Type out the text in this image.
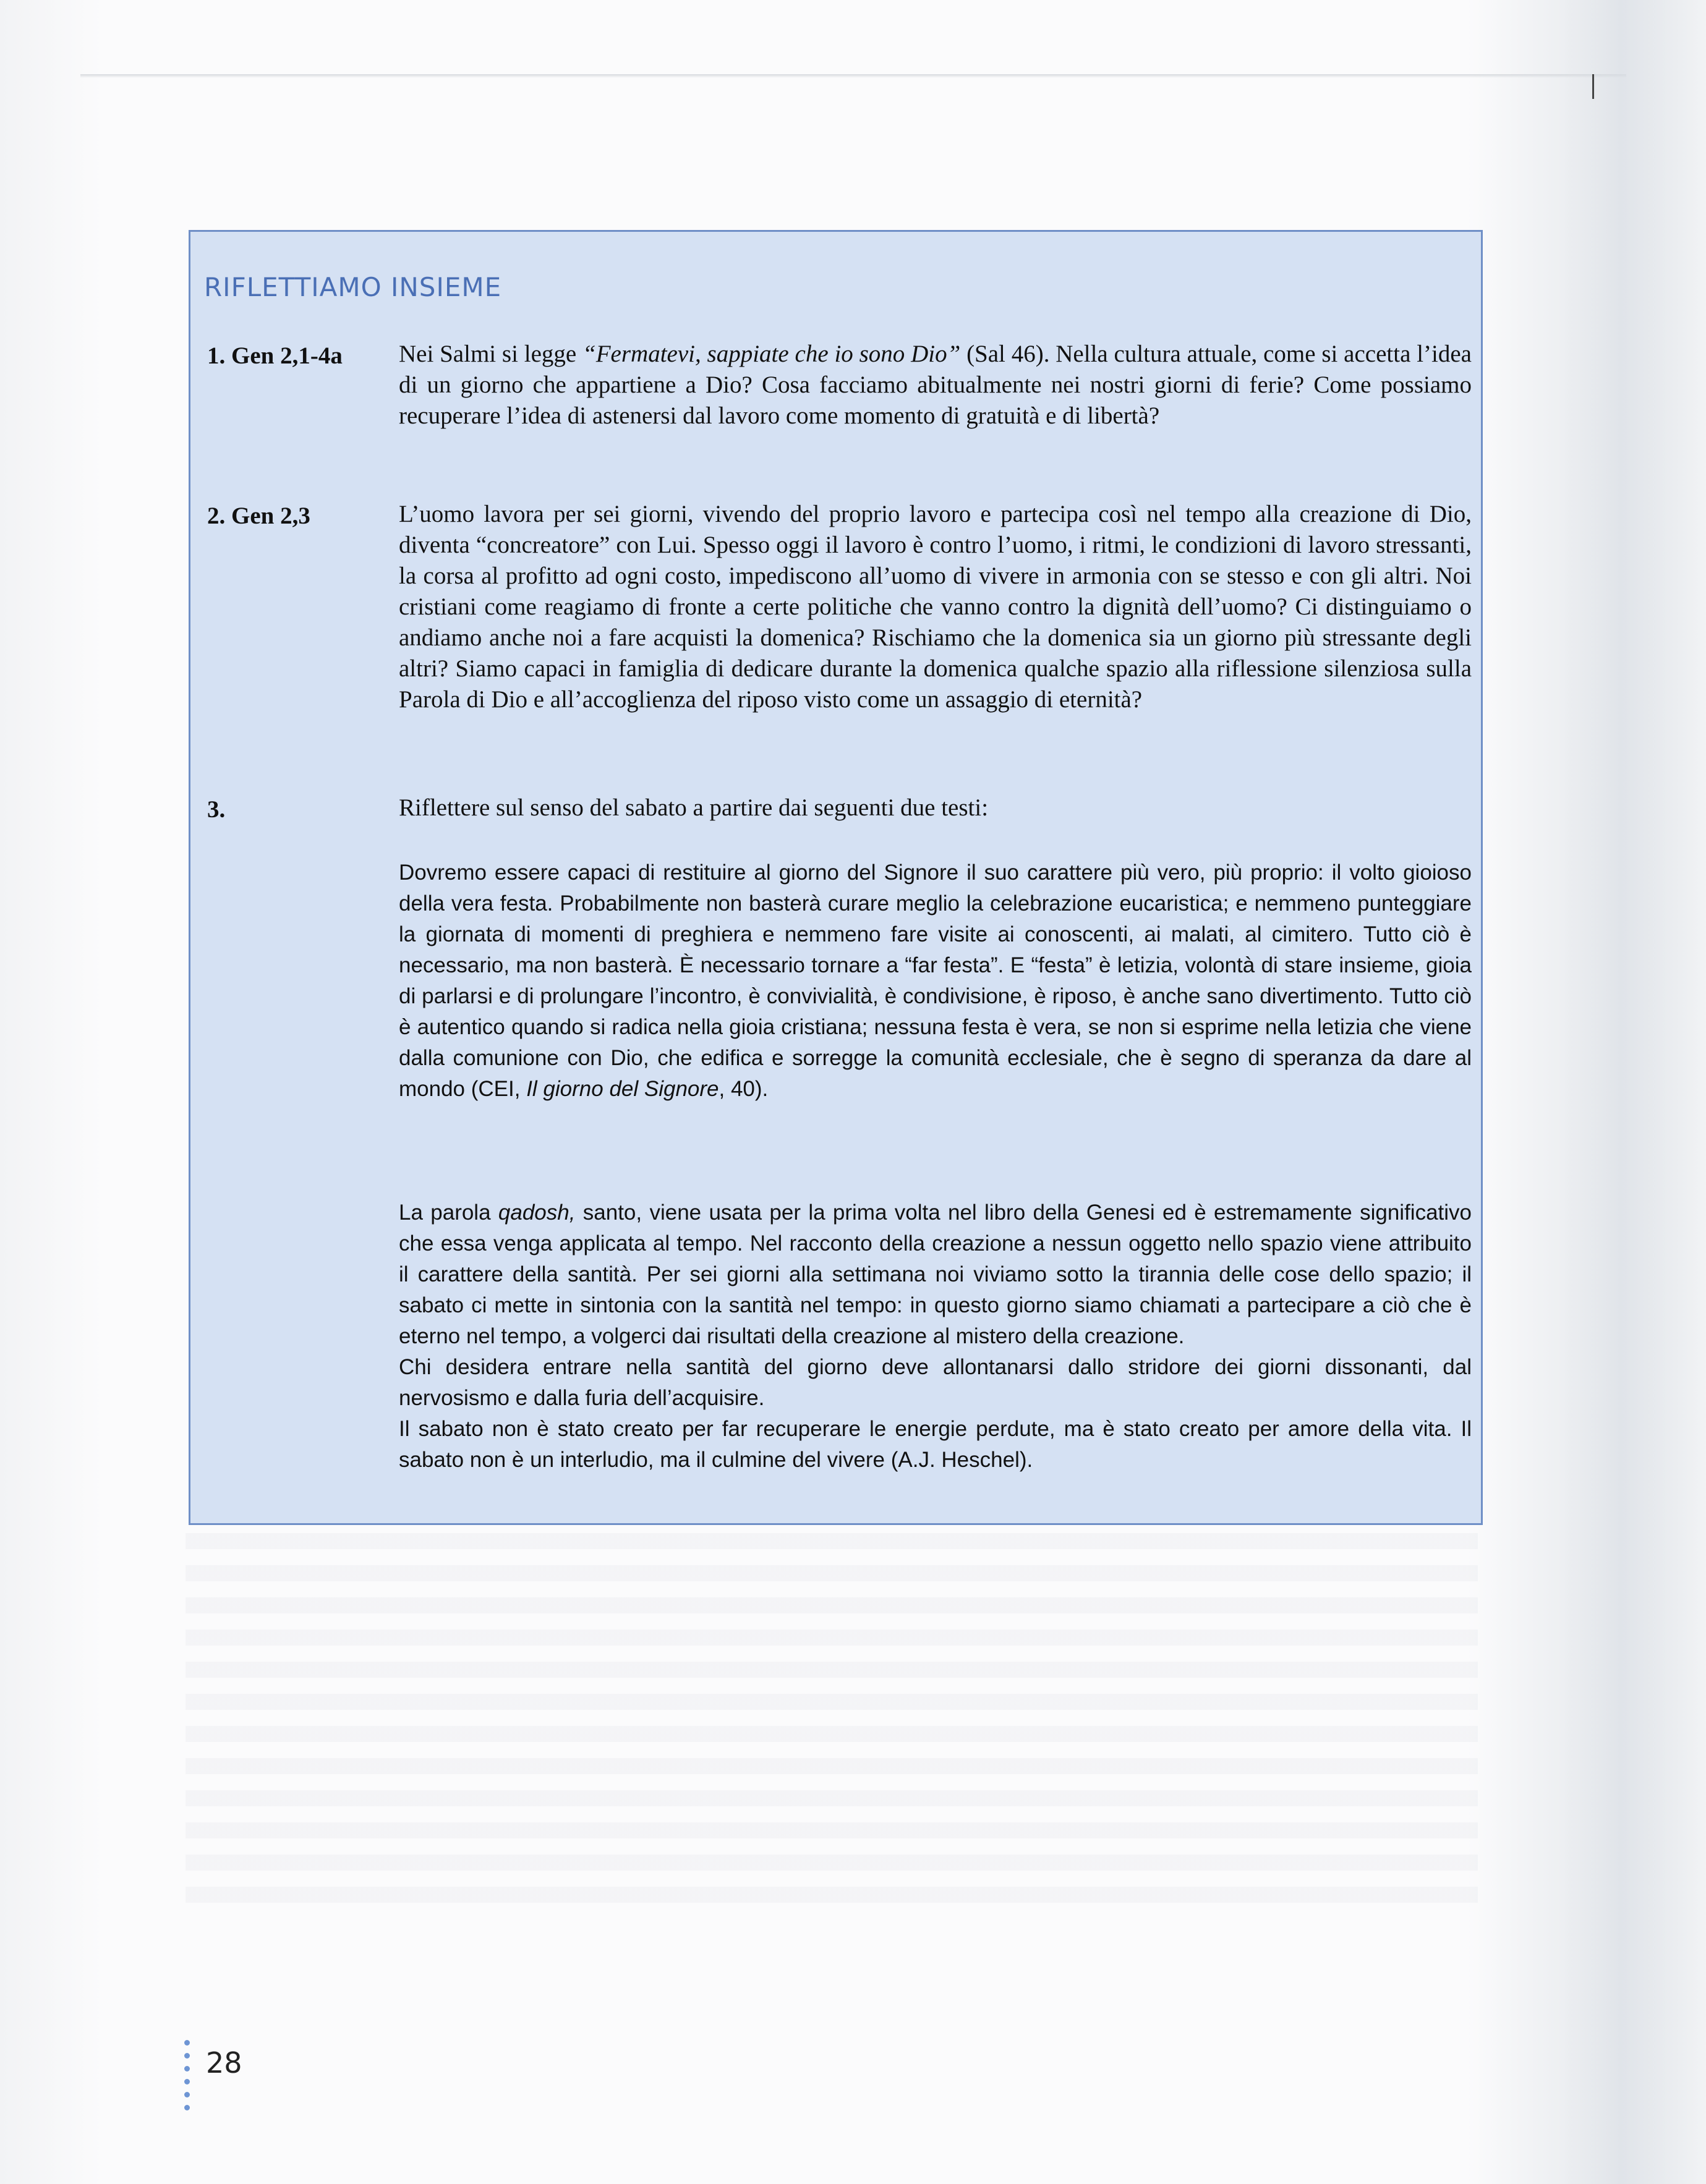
RIFLETTIAMO INSIEME
1. Gen 2,1-4a Nei Salmi si legge “Fermatevi, sappiate che io sono Dio” (Sal 46). Nella cultura attuale, come si accetta l’idea di un giorno che appartiene a Dio? Cosa facciamo abitualmente nei nostri giorni di ferie? Come possiamo recuperare l’idea di astenersi dal lavoro come momento di gratuità e di libertà?
2. Gen 2,3	L’uomo lavora per sei giorni, vivendo del proprio lavoro e partecipa così nel tempo alla creazione di Dio, diventa “concreatore” con Lui. Spesso oggi il lavoro è contro l’uomo, i ritmi, le condizioni di lavoro stressanti, la corsa al profitto ad ogni costo, impediscono all’uomo di vivere in armonia con se stesso e con gli altri. Noi cristiani come reagiamo di fronte a certe politiche che vanno contro la dignità dell’uomo? Ci distinguiamo o andiamo anche noi a fare acquisti la domenica? Rischiamo che la domenica sia un giorno più stressante degli altri? Siamo capaci in famiglia di dedicare durante la domenica qualche spazio alla riflessione silenziosa sulla Parola di Dio e all’accoglienza del riposo visto come un assaggio di eternità?
3.	Riflettere sul senso del sabato a partire dai seguenti due testi:
Dovremo essere capaci di restituire al giorno del Signore il suo carattere più vero, più proprio: il volto gioioso della vera festa. Probabilmente non basterà curare meglio la celebrazione eucaristica; e nemmeno punteggiare la giornata di momenti di preghiera e nemmeno fare visite ai conoscenti, ai malati, al cimitero. Tutto ciò è necessario, ma non basterà. È necessario tornare a “far festa”. E “festa” è letizia, volontà di stare insieme, gioia di parlarsi e di prolungare l’incontro, è convivialità, è condivisione, è riposo, è anche sano divertimento. Tutto ciò è autentico quando si radica nella gioia cristiana; nessuna festa è vera, se non si esprime nella letizia che viene dalla comunione con Dio, che edifica e sorregge la comunità ecclesiale, che è segno di speranza da dare al mondo (CEI, Il giorno del Signore, 40).
La parola qadosh, santo, viene usata per la prima volta nel libro della Genesi ed è estremamente significativo che essa venga applicata al tempo. Nel racconto della creazione a nessun oggetto nello spazio viene attribuito il carattere della santità. Per sei giorni alla settimana noi viviamo sotto la tirannia delle cose dello spazio; il sabato ci mette in sintonia con la santità nel tempo: in questo giorno siamo chiamati a partecipare a ciò che è eterno nel tempo, a volgerci dai risultati della creazione al mistero della creazione.
Chi desidera entrare nella santità del giorno deve allontanarsi dallo stridore dei giorni dissonanti, dal nervosismo e dalla furia dell’acquisire.
Il sabato non è stato creato per far recuperare le energie perdute, ma è stato creato per amore della vita. Il sabato non è un interludio, ma il culmine del vivere (A.J. Heschel).
28
